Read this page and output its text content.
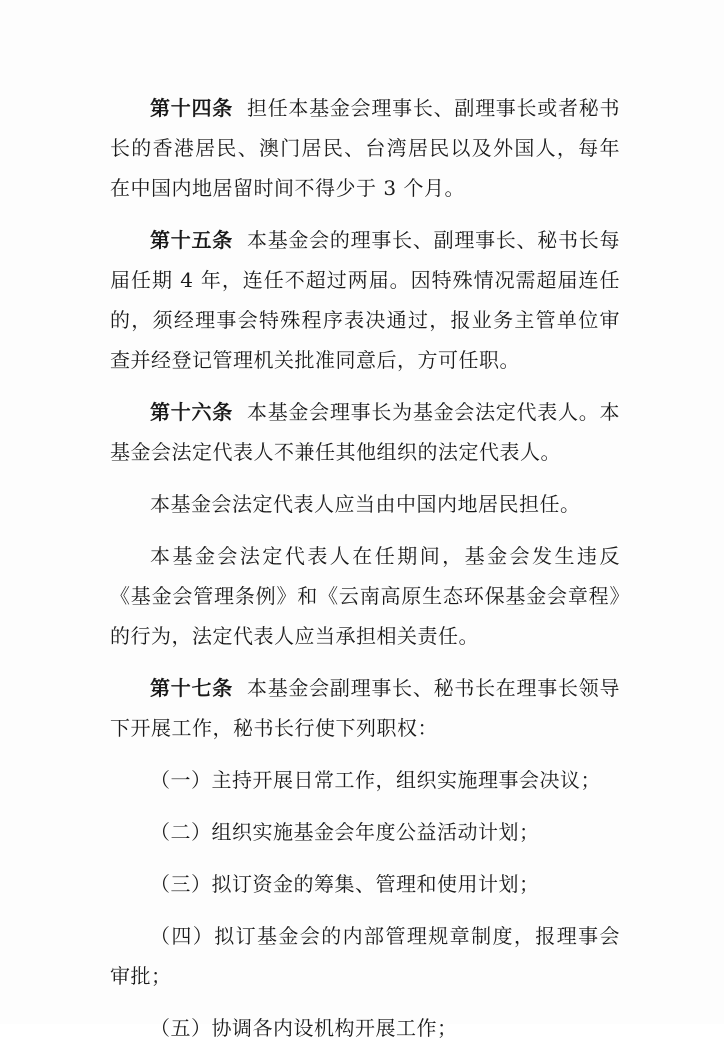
第十四条 担任本基金会理事长、副理事长或者秘书长的香港居民、澳门居民、台湾居民以及外国人，每年在中国内地居留时间不得少于 3 个月。

第十五条 本基金会的理事长、副理事长、秘书长每届任期 4 年，连任不超过两届。因特殊情况需超届连任的，须经理事会特殊程序表决通过，报业务主管单位审查并经登记管理机关批准同意后，方可任职。

第十六条 本基金会理事长为基金会法定代表人。本基金会法定代表人不兼任其他组织的法定代表人。

本基金会法定代表人应当由中国内地居民担任。

本基金会法定代表人在任期间，基金会发生违反《基金会管理条例》和《云南高原生态环保基金会章程》的行为，法定代表人应当承担相关责任。

第十七条 本基金会副理事长、秘书长在理事长领导下开展工作，秘书长行使下列职权：

（一）主持开展日常工作，组织实施理事会决议；

（二）组织实施基金会年度公益活动计划；

（三）拟订资金的筹集、管理和使用计划；

（四）拟订基金会的内部管理规章制度，报理事会审批；

（五）协调各内设机构开展工作；
